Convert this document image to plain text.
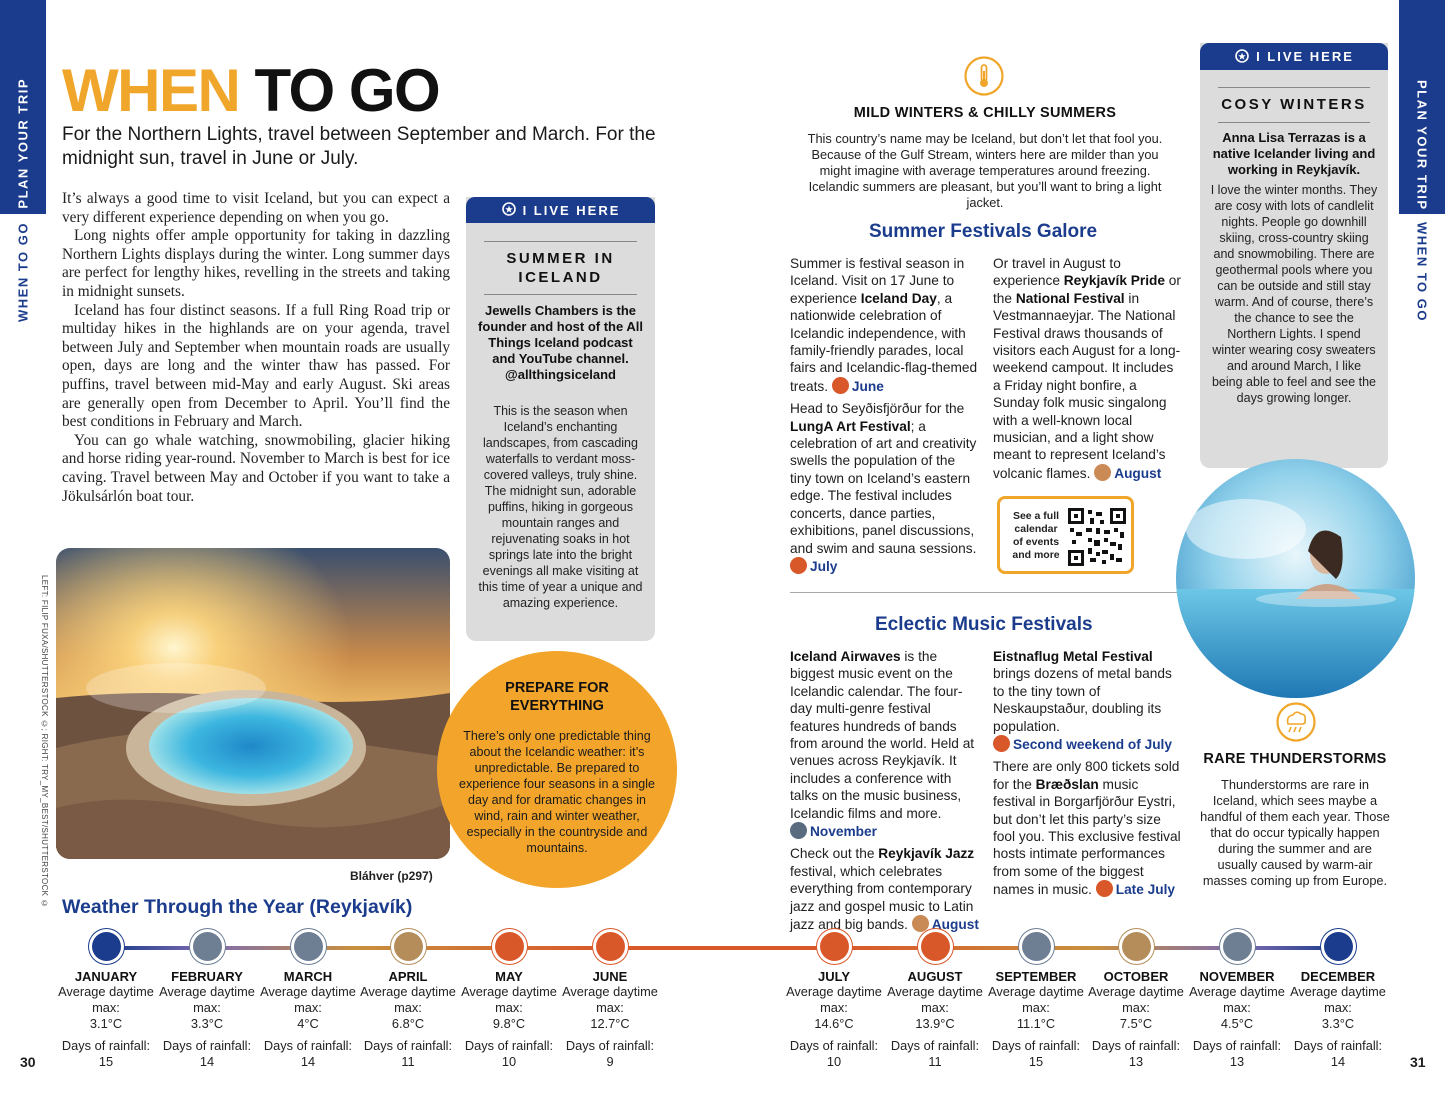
PLAN YOUR TRIP
WHEN TO GO
PLAN YOUR TRIP
WHEN TO GO
LEFT: FILIP FUXA/SHUTTERSTOCK ©; RIGHT: TRY_MY_BEST/SHUTTERSTOCK ©
30	31
WHEN TO GO
For the Northern Lights, travel between September and March. For the midnight sun, travel in June or July.

It’s always a good time to visit Iceland, but you can expect a very different experience depending on when you go.

Long nights offer ample opportunity for taking in dazzling Northern Lights displays during the winter. Long summer days are perfect for lengthy hikes, revelling in the streets and taking in midnight sunsets.

Iceland has four distinct seasons. If a full Ring Road trip or multiday hikes in the highlands are on your agenda, travel between July and September when mountain roads are usually open, days are long and the winter thaw has passed. For puffins, travel between mid-May and early August. Ski areas are generally open from December to April. You’ll find the best conditions in February and March.

You can go whale watching, snowmobiling, glacier hiking and horse riding year-round. November to March is best for ice caving. Travel between May and October if you want to take a Jökulsárlón boat tour.

Bláhver (p297)
I LIVE HERE
SUMMER IN ICELAND
Jewells Chambers is the founder and host of the All Things Iceland podcast and YouTube channel. @allthingsiceland
This is the season when Iceland’s enchanting landscapes, from cascading waterfalls to verdant moss-covered valleys, truly shine. The midnight sun, adorable puffins, hiking in gorgeous mountain ranges and rejuvenating soaks in hot springs late into the bright evenings all make visiting at this time of year a unique and amazing experience.
PREPARE FOR EVERYTHING
There’s only one predictable thing about the Icelandic weather: it’s unpredictable. Be prepared to experience four seasons in a single day and for dramatic changes in wind, rain and winter weather, especially in the countryside and mountains.
MILD WINTERS & CHILLY SUMMERS
This country’s name may be Iceland, but don’t let that fool you. Because of the Gulf Stream, winters here are milder than you might imagine with average temperatures around freezing. Icelandic summers are pleasant, but you’ll want to bring a light jacket.
Summer Festivals Galore

Summer is festival season in Iceland. Visit on 17 June to experience Iceland Day, a nationwide celebration of Icelandic independence, with family-friendly parades, local fairs and Icelandic-flag-themed treats. June

Head to Seyðisfjörður for the LungA Art Festival; a celebration of art and creativity swells the population of the tiny town on Iceland’s eastern edge. The festival includes concerts, dance parties, exhibitions, panel discussions, and swim and sauna sessions. July

Or travel in August to experience Reykjavík Pride or the National Festival in Vestmannaeyjar. The National Festival draws thousands of visitors each August for a long-weekend campout. It includes a Friday night bonfire, a Sunday folk music singalong with a well-known local musician, and a light show meant to represent Iceland’s volcanic flames. August

See a full calendar of events and more
Eclectic Music Festivals

Iceland Airwaves is the biggest music event on the Icelandic calendar. The four-day multi-genre festival features hundreds of bands from around the world. Held at venues across Reykjavík. It includes a conference with talks on the music business, Icelandic films and more. November

Check out the Reykjavík Jazz festival, which celebrates everything from contemporary jazz and gospel music to Latin jazz and big bands. August

Eistnaflug Metal Festival brings dozens of metal bands to the tiny town of Neskaupstaður, doubling its population. Second weekend of July

There are only 800 tickets sold for the Bræðslan music festival in Borgarfjörður Eystri, but don’t let this party’s size fool you. This exclusive festival hosts intimate performances from some of the biggest names in music. Late July

I LIVE HERE
COSY WINTERS
Anna Lisa Terrazas is a native Icelander living and working in Reykjavík.
I love the winter months. They are cosy with lots of candlelit nights. People go downhill skiing, cross-country skiing and snowmobiling. There are geothermal pools where you can be outside and still stay warm. And of course, there’s the chance to see the Northern Lights. I spend winter wearing cosy sweaters and around March, I like being able to feel and see the days growing longer.
RARE THUNDERSTORMS
Thunderstorms are rare in Iceland, which sees maybe a handful of them each year. Those that do occur typically happen during the summer and are usually caused by warm-air masses coming up from Europe.
Weather Through the Year (Reykjavík)
JANUARY
Average daytime max:
3.1°C
Days of rainfall:
15
FEBRUARY
Average daytime max:
3.3°C
Days of rainfall:
14
MARCH
Average daytime max:
4°C
Days of rainfall:
14
APRIL
Average daytime max:
6.8°C
Days of rainfall:
11
MAY
Average daytime max:
9.8°C
Days of rainfall:
10
JUNE
Average daytime max:
12.7°C
Days of rainfall:
9
JULY
Average daytime max:
14.6°C
Days of rainfall:
10
AUGUST
Average daytime max:
13.9°C
Days of rainfall:
11
SEPTEMBER
Average daytime max:
11.1°C
Days of rainfall:
15
OCTOBER
Average daytime max:
7.5°C
Days of rainfall:
13
NOVEMBER
Average daytime max:
4.5°C
Days of rainfall:
13
DECEMBER
Average daytime max:
3.3°C
Days of rainfall:
14
